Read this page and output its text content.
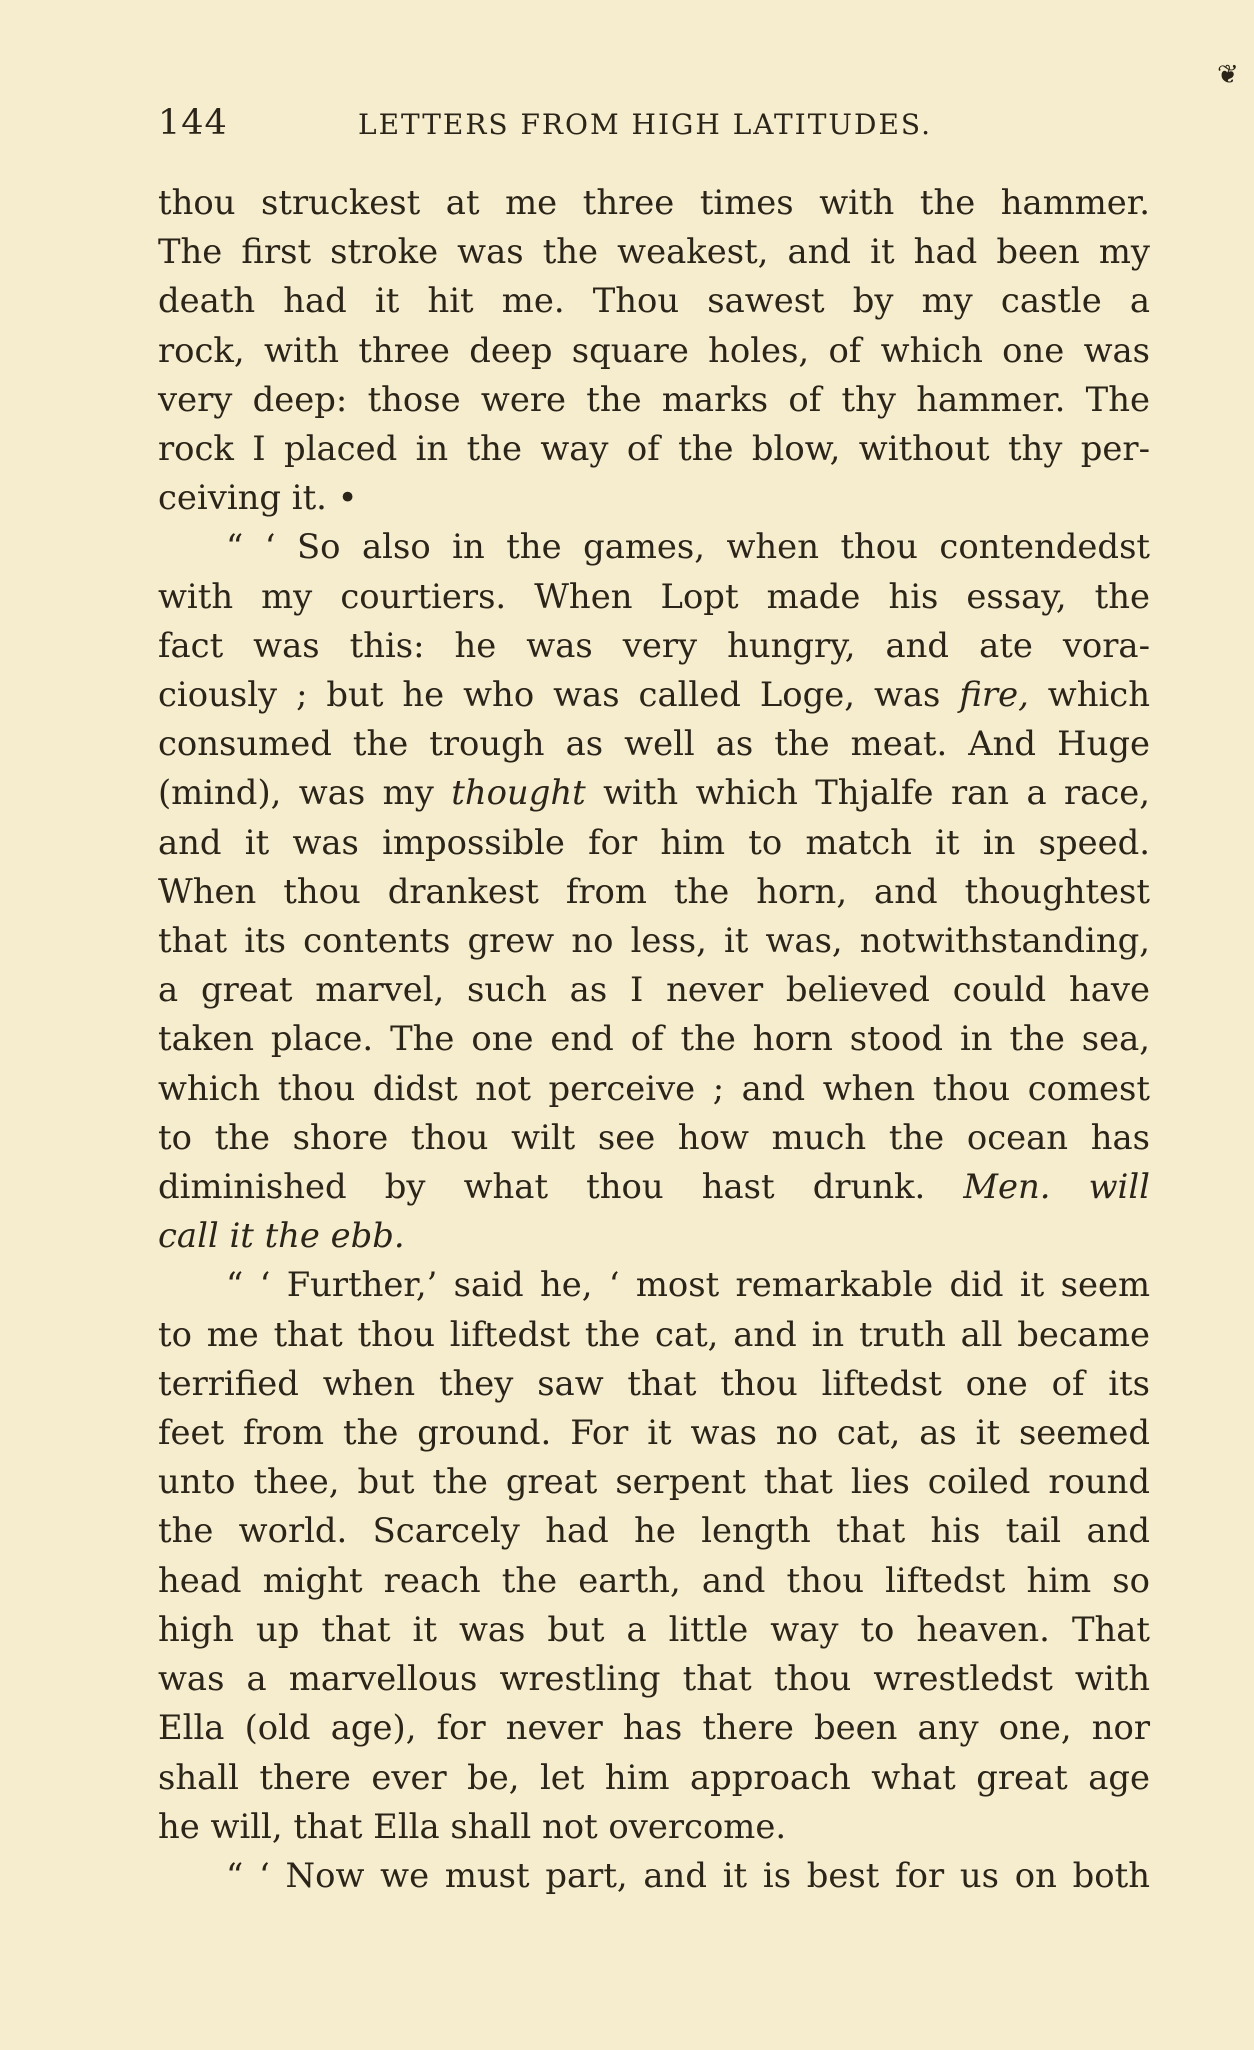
❦
144	LETTERS FROM HIGH LATITUDES.

thou struckest at me three times with the hammer.
The first stroke was the weakest, and it had been my
death had it hit me. Thou sawest by my castle a
rock, with three deep square holes, of which one was
very deep: those were the marks of thy hammer. The
rock I placed in the way of the blow, without thy per-
ceiving it. •

“ ‘ So also in the games, when thou contendedst
with my courtiers. When Lopt made his essay, the
fact was this: he was very hungry, and ate vora-
ciously ; but he who was called Loge, was fire, which
consumed the trough as well as the meat. And Huge
(mind), was my thought with which Thjalfe ran a race,
and it was impossible for him to match it in speed.
When thou drankest from the horn, and thoughtest
that its contents grew no less, it was, notwithstanding,
a great marvel, such as I never believed could have
taken place. The one end of the horn stood in the sea,
which thou didst not perceive ; and when thou comest
to the shore thou wilt see how much the ocean has
diminished by what thou hast drunk. Men. will
call it the ebb.

“ ‘ Further,’ said he, ‘ most remarkable did it seem
to me that thou liftedst the cat, and in truth all became
terrified when they saw that thou liftedst one of its
feet from the ground. For it was no cat, as it seemed
unto thee, but the great serpent that lies coiled round
the world. Scarcely had he length that his tail and
head might reach the earth, and thou liftedst him so
high up that it was but a little way to heaven. That
was a marvellous wrestling that thou wrestledst with
Ella (old age), for never has there been any one, nor
shall there ever be, let him approach what great age
he will, that Ella shall not overcome.

“ ‘ Now we must part, and it is best for us on both
